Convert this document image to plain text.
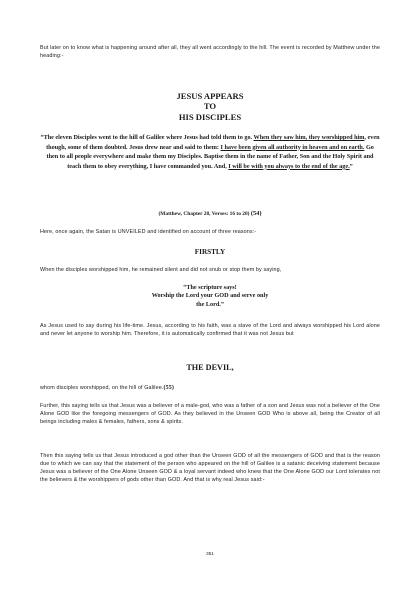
But later on to know what is happening around after all, they all went accordingly to the hill. The event is recorded by Matthew under the heading:-

JESUS APPEARS
TO
HIS DISCIPLES

“The eleven Disciples went to the hill of Galilee where Jesus had told them to go. When they saw him, they worshipped him, even though, some of them doubted. Jesus drew near and said to them: I have been given all authority in heaven and on earth. Go then to all people everywhere and make them my Disciples. Baptise them in the name of Father, Son and the Holy Spirit and teach them to obey everything, I have commanded you. And, I will be with you always to the end of the age.”

(Matthew, Chapter 28, Verses: 16 to 20) (54)

Here, once again, the Satan is UNVEILED and identified on account of three reasons:-

FIRSTLY

When the disciples worshipped him, he remained silent and did not snub or stop them by saying,

“The scripture says!
Worship the Lord your GOD and serve only
the Lord.”

As Jesus used to say during his life-time. Jesus, according to his faith, was a slave of the Lord and always worshipped his Lord alone and never let anyone to worship him. Therefore, it is automatically confirmed that it was not Jesus but

THE DEVIL,

whom disciples worshipped, on the hill of Galilee.(55)

Further, this saying tells us that Jesus was a believer of a male-god, who was a father of a son and Jesus was not a believer of the One Alone GOD like the foregoing messengers of GOD. As they believed in the Unseen GOD Who is above all, being the Creator of all beings including males & females, fathers, sons & spirits.

Then this saying tells us that Jesus introduced a god other than the Unseen GOD of all the messengers of GOD and that is the reason due to which we can say that the statement of the person who appeared on the hill of Galilee is a satanic deceiving statement because Jesus was a believer of the One Alone Unseen GOD & a loyal servant indeed who knew that the One Alone GOD our Lord tolerates not the believers & the worshippers of gods other than GOD. And that is why real Jesus said:-

351
